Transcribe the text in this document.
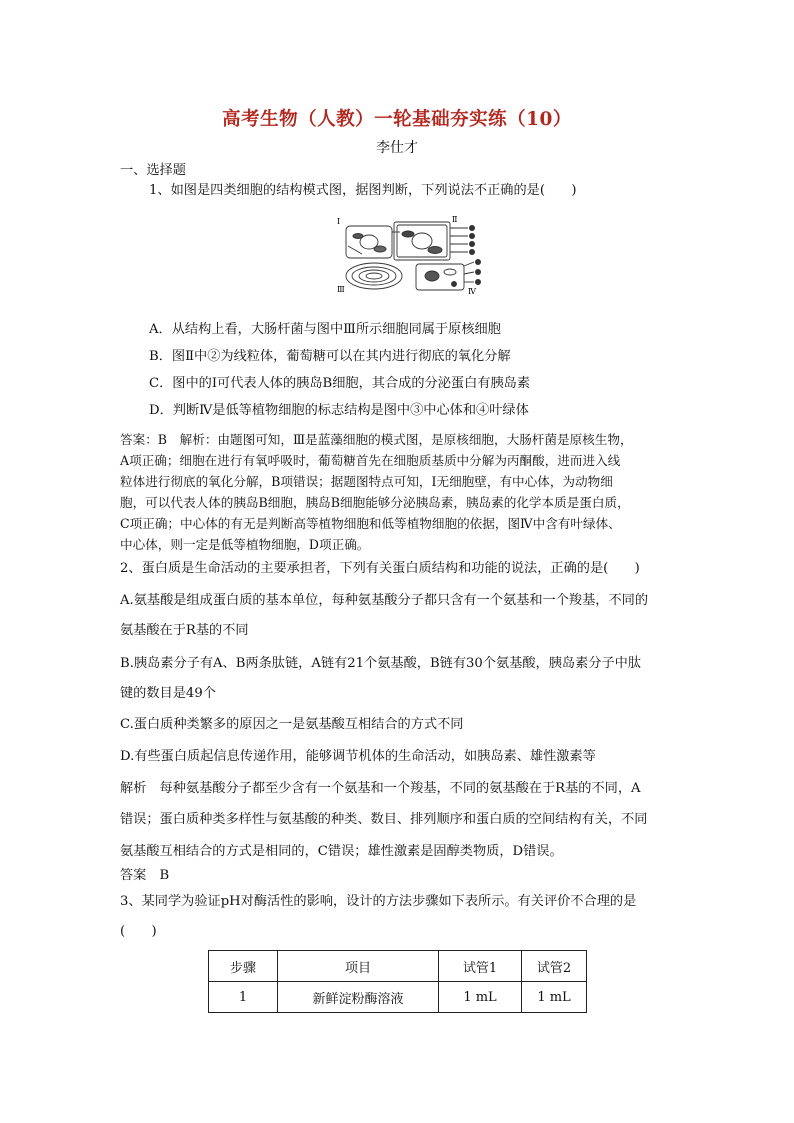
高考生物（人教）一轮基础夯实练（10）
李仕才
一、选择题
1、如图是四类细胞的结构模式图，据图判断，下列说法不正确的是(　　)
Ⅰ	Ⅱ
Ⅲ	Ⅳ
A．从结构上看，大肠杆菌与图中Ⅲ所示细胞同属于原核细胞
B．图Ⅱ中②为线粒体，葡萄糖可以在其内进行彻底的氧化分解
C．图中的Ⅰ可代表人体的胰岛B细胞，其合成的分泌蛋白有胰岛素
D．判断Ⅳ是低等植物细胞的标志结构是图中③中心体和④叶绿体
答案：B　解析：由题图可知，Ⅲ是蓝藻细胞的模式图，是原核细胞，大肠杆菌是原核生物，
A项正确；细胞在进行有氧呼吸时，葡萄糖首先在细胞质基质中分解为丙酮酸，进而进入线
粒体进行彻底的氧化分解，B项错误；据题图特点可知，Ⅰ无细胞壁，有中心体，为动物细
胞，可以代表人体的胰岛B细胞，胰岛B细胞能够分泌胰岛素，胰岛素的化学本质是蛋白质，
C项正确；中心体的有无是判断高等植物细胞和低等植物细胞的依据，图Ⅳ中含有叶绿体、
中心体，则一定是低等植物细胞，D项正确。
2、蛋白质是生命活动的主要承担者，下列有关蛋白质结构和功能的说法，正确的是(　　)
A.氨基酸是组成蛋白质的基本单位，每种氨基酸分子都只含有一个氨基和一个羧基，不同的
氨基酸在于R基的不同
B.胰岛素分子有A、B两条肽链，A链有21个氨基酸，B链有30个氨基酸，胰岛素分子中肽
键的数目是49个
C.蛋白质种类繁多的原因之一是氨基酸互相结合的方式不同
D.有些蛋白质起信息传递作用，能够调节机体的生命活动，如胰岛素、雄性激素等
解析　每种氨基酸分子都至少含有一个氨基和一个羧基，不同的氨基酸在于R基的不同，A
错误；蛋白质种类多样性与氨基酸的种类、数目、排列顺序和蛋白质的空间结构有关，不同
氨基酸互相结合的方式是相同的，C错误；雄性激素是固醇类物质，D错误。
答案　B
3、某同学为验证pH对酶活性的影响，设计的方法步骤如下表所示。有关评价不合理的是
(　　)
步骤	项目	试管1	试管2
1	新鲜淀粉酶溶液	1 mL	1 mL
